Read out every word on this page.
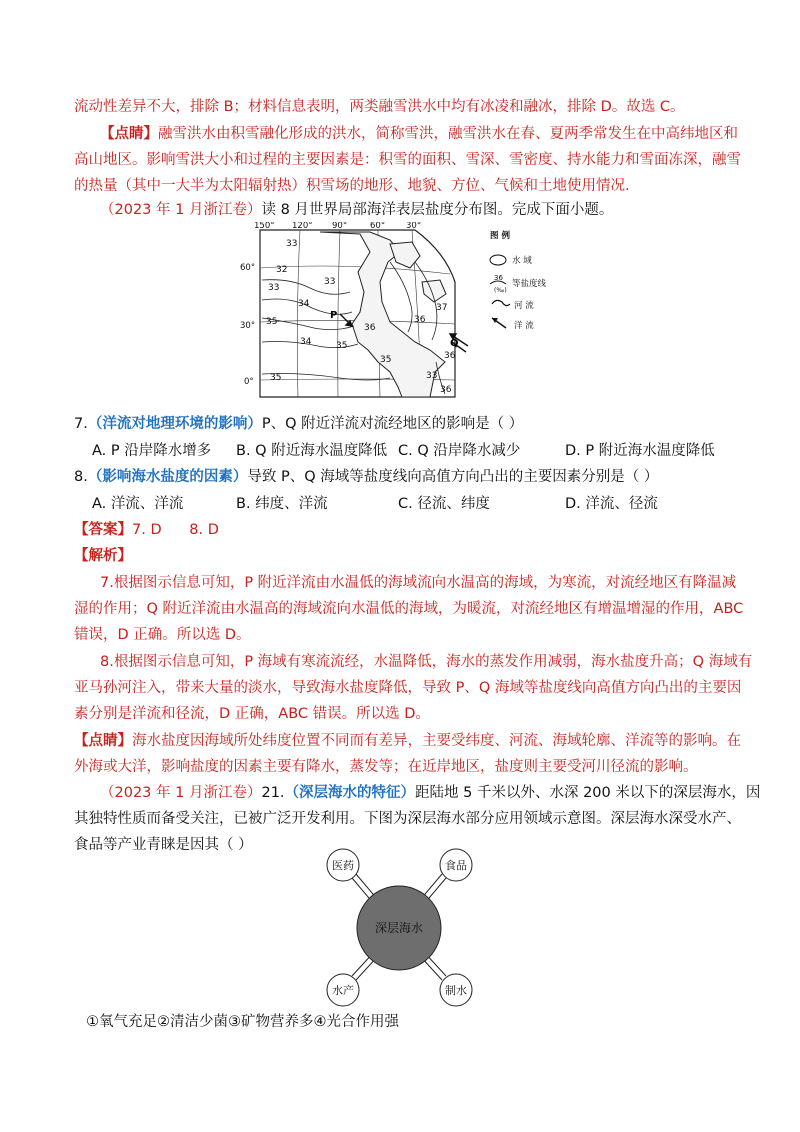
流动性差异不大，排除 B；材料信息表明，两类融雪洪水中均有冰凌和融冰，排除 D。故选 C。
【点睛】融雪洪水由积雪融化形成的洪水，简称雪洪，融雪洪水在春、夏两季常发生在中高纬地区和
高山地区。影响雪洪大小和过程的主要因素是：积雪的面积、雪深、雪密度、持水能力和雪面冻深，融雪
的热量（其中一大半为太阳辐射热）积雪场的地形、地貌、方位、气候和土地使用情况.
（2023 年 1 月浙江卷）读 8 月世界局部海洋表层盐度分布图。完成下面小题。
33
32
33
34
35
33
34
35
35
36
37
36
35	36
33
36
150° 120° 90°	60° 30°
60°
30°
0°
P
Q
图 例
水 域
36
(‰)
等盐度线
河 流
洋 流
7.（洋流对地理环境的影响）P、Q 附近洋流对流经地区的影响是（ ）
A. P 沿岸降水增多 B. Q 附近海水温度降低 C. Q 沿岸降水减少	D. P 附近海水温度降低
8.（影响海水盐度的因素）导致 P、Q 海域等盐度线向高值方向凸出的主要因素分别是（ ）
A. 洋流、洋流	B. 纬度、洋流	C. 径流、纬度	D. 洋流、径流
【答案】7. D      8. D
【解析】
7.根据图示信息可知，P 附近洋流由水温低的海域流向水温高的海域，为寒流，对流经地区有降温减
湿的作用；Q 附近洋流由水温高的海域流向水温低的海域，为暖流，对流经地区有增温增湿的作用，ABC
错误，D 正确。所以选 D。
8.根据图示信息可知，P 海域有寒流流经，水温降低，海水的蒸发作用减弱，海水盐度升高；Q 海域有
亚马孙河注入，带来大量的淡水，导致海水盐度降低，导致 P、Q 海域等盐度线向高值方向凸出的主要因
素分别是洋流和径流，D 正确，ABC 错误。所以选 D。
【点睛】海水盐度因海域所处纬度位置不同而有差异，主要受纬度、河流、海域轮廓、洋流等的影响。在
外海或大洋，影响盐度的因素主要有降水，蒸发等；在近岸地区，盐度则主要受河川径流的影响。
（2023 年 1 月浙江卷）21.（深层海水的特征）距陆地 5 千米以外、水深 200 米以下的深层海水，因
其独特性质而备受关注，已被广泛开发利用。下图为深层海水部分应用领域示意图。深层海水深受水产、
食品等产业青睐是因其（ ）
深层海水
医药	食品
水产	制水
①氧气充足②清洁少菌③矿物营养多④光合作用强
